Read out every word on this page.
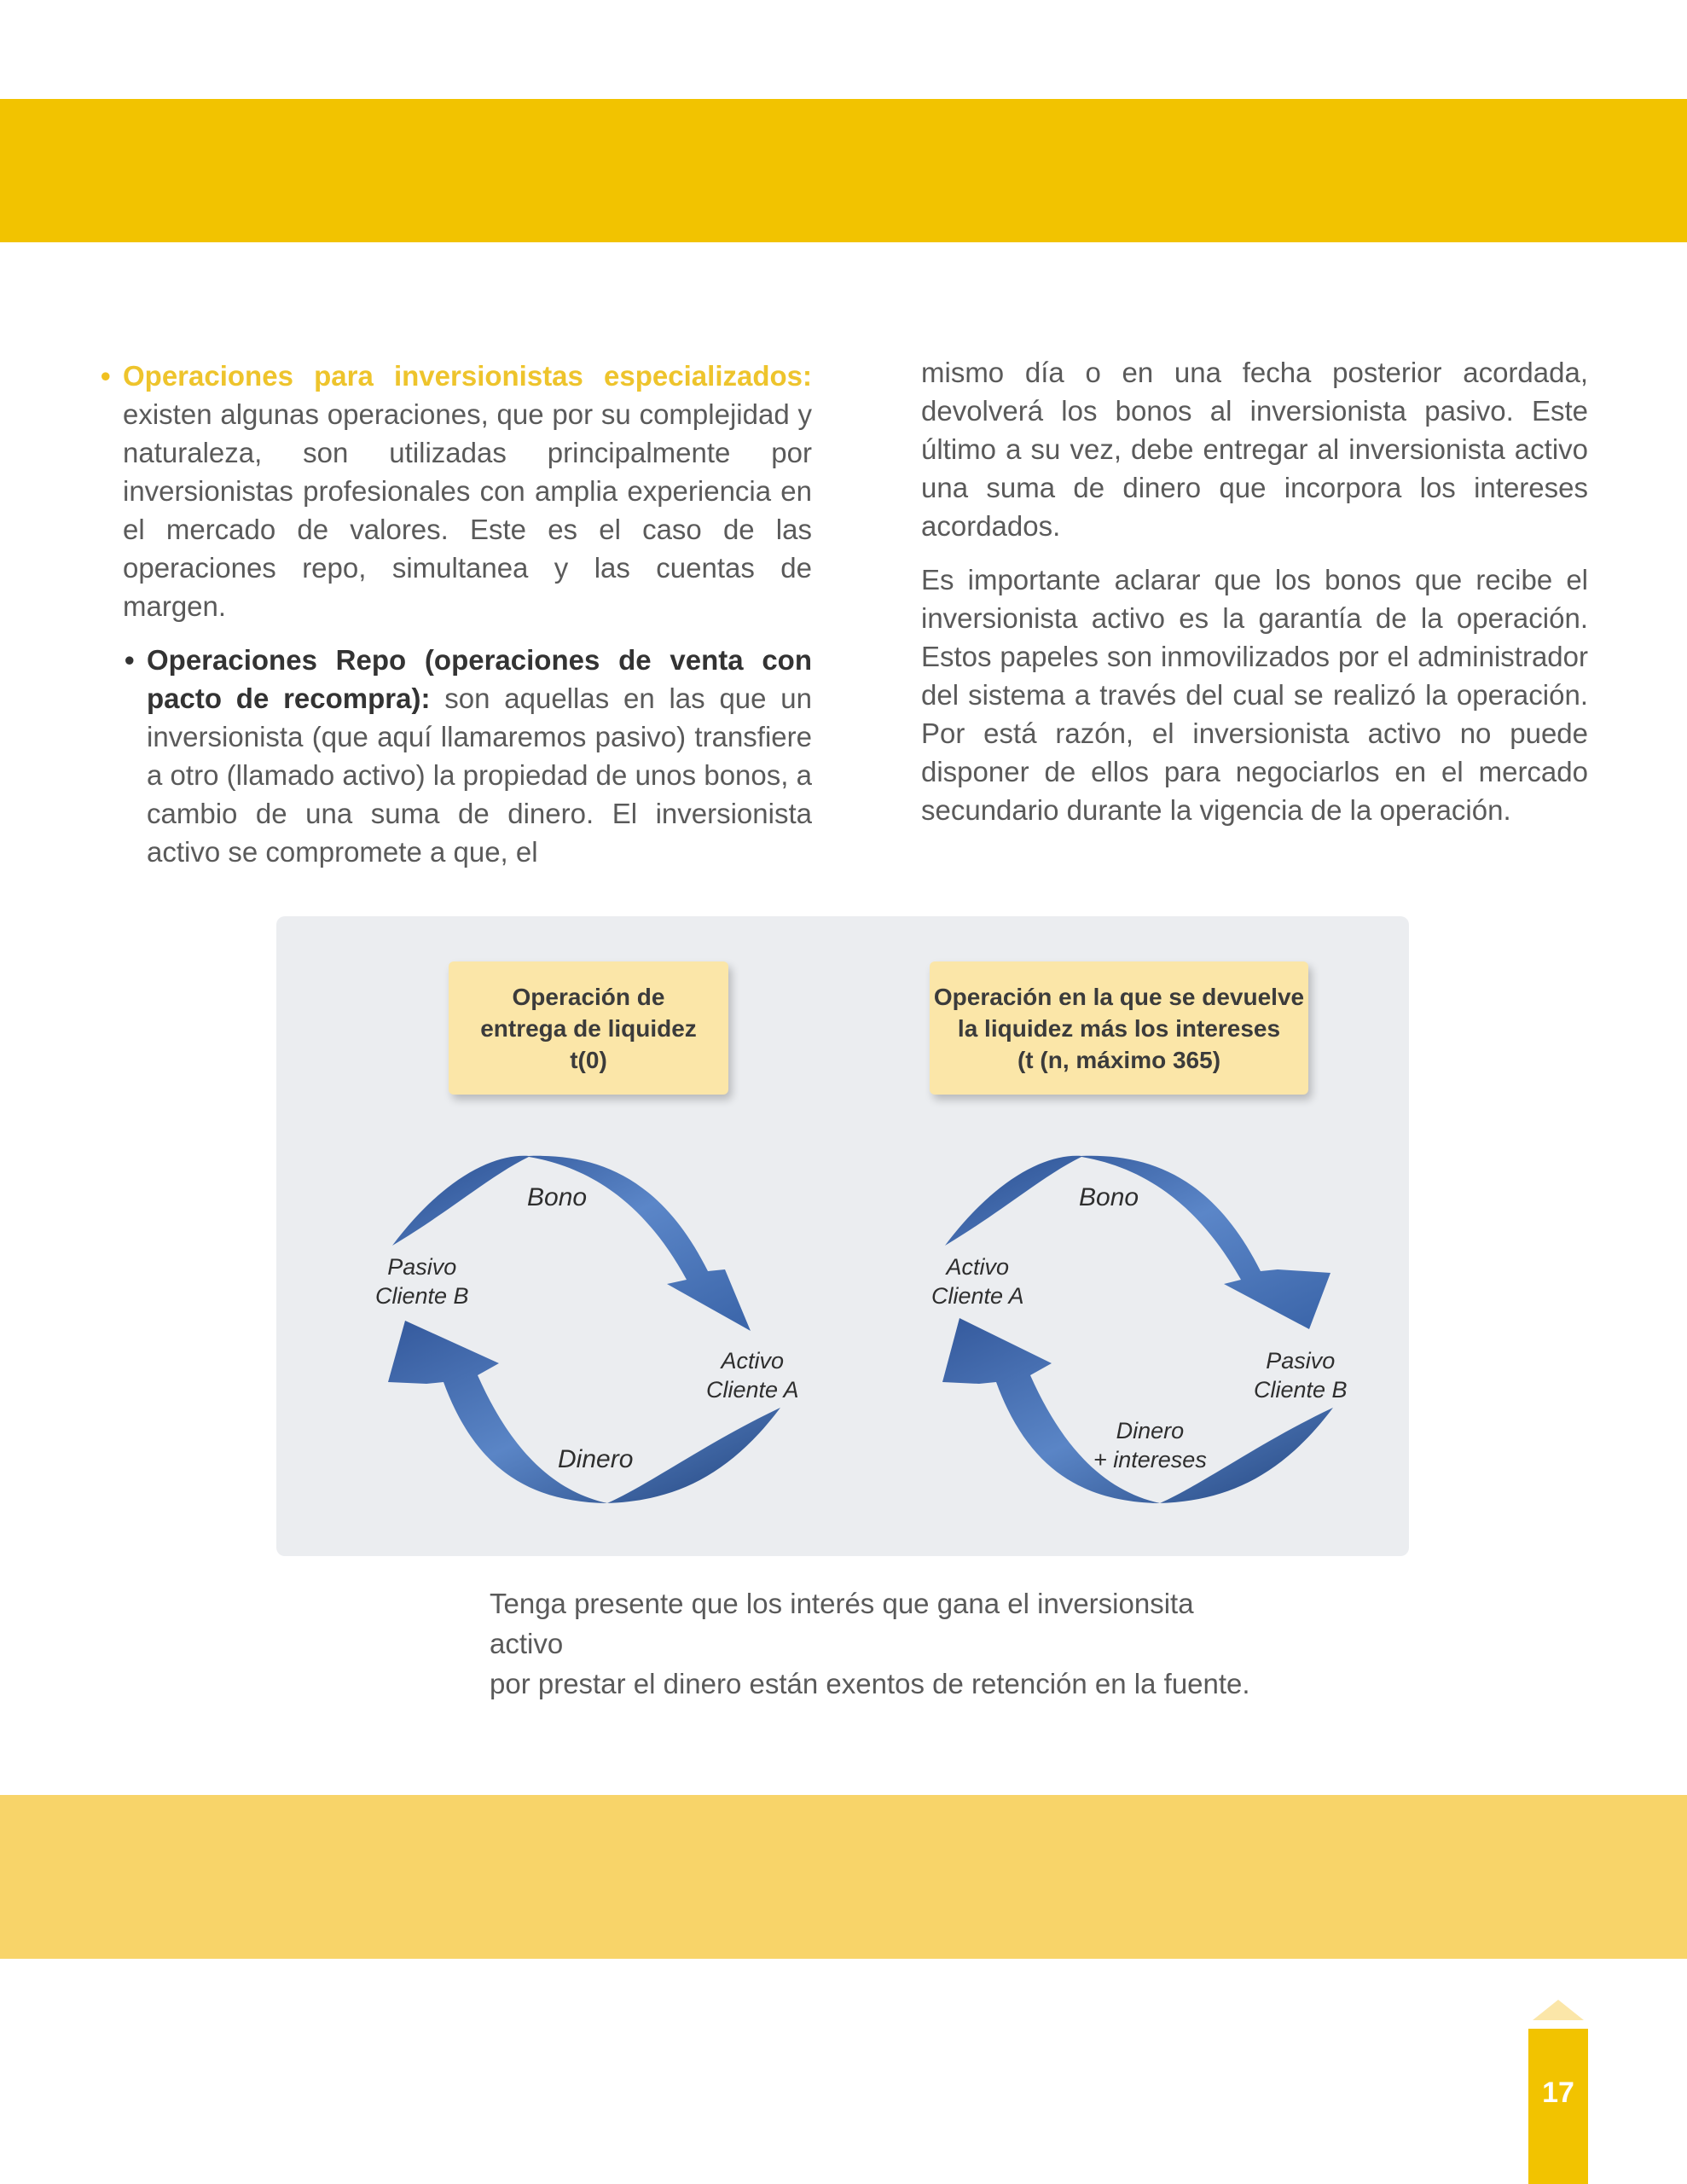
• Operaciones para inversionistas especializados: existen algunas operaciones, que por su complejidad y naturaleza, son utilizadas principalmente por inversionistas profesionales con amplia experiencia en el mercado de valores. Este es el caso de las operaciones repo, simultanea y las cuentas de margen.

• Operaciones Repo (operaciones de venta con pacto de recompra): son aquellas en las que un inversionista (que aquí llamaremos pasivo) transfiere a otro (llamado activo) la propiedad de unos bonos, a cambio de una suma de dinero. El inversionista activo se compromete a que, el

mismo día o en una fecha posterior acordada, devolverá los bonos al inversionista pasivo. Este último a su vez, debe entregar al inversionista activo una suma de dinero que incorpora los intereses acordados.

Es importante aclarar que los bonos que recibe el inversionista activo es la garantía de la operación. Estos papeles son inmovilizados por el administrador del sistema a través del cual se realizó la operación. Por está razón, el inversionista activo no puede disponer de ellos para negociarlos en el mercado secundario durante la vigencia de la operación.

Operación de
entrega de liquidez
t(0)
Operación en la que se devuelve
la liquidez más los intereses
(t (n, máximo 365)
Bono
Pasivo
Cliente B
Activo
Cliente A
Dinero
Bono
Activo
Cliente A
Pasivo
Cliente B
Dinero
+ intereses

Tenga presente que los interés que gana el inversionsita activo

por prestar el dinero están exentos de retención en la fuente.

17
